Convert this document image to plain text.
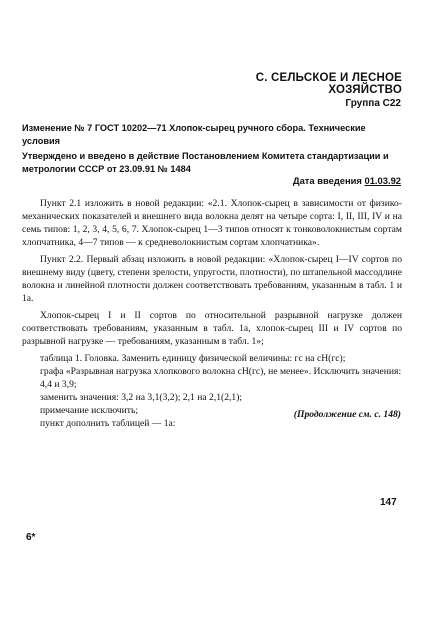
С. СЕЛЬСКОЕ И ЛЕСНОЕ ХОЗЯЙСТВО
Группа С22
Изменение № 7 ГОСТ 10202—71 Хлопок-сырец ручного сбора. Технические условия
Утверждено и введено в действие Постановлением Комитета стандартизации и метрологии СССР от 23.09.91 № 1484
Дата введения 01.03.92

Пункт 2.1 изложить в новой редакции: «2.1. Хлопок-сырец в зависимости от физико-механических показателей и внешнего вида волокна делят на четыре сорта: I, II, III, IV и на семь типов: 1, 2, 3, 4, 5, 6, 7. Хлопок-сырец 1—3 типов относят к тонковолокнистым сортам хлопчатника, 4—7 типов — к средневолокнистым сортам хлопчатника».

Пункт 2.2. Первый абзац изложить в новой редакции: «Хлопок-сырец I—IV сортов по внешнему виду (цвету, степени зрелости, упругости, плотности), по штапельной массодлине волокна и линейной плотности должен соответствовать требованиям, указанным в табл. 1 и 1а.

Хлопок-сырец I и II сортов по относительной разрывной нагрузке должен соответствовать требованиям, указанным в табл. 1а, хлопок-сырец III и IV сортов по разрывной нагрузке — требованиям, указанным в табл. 1»;

таблица 1. Головка. Заменить единицу физической величины: гс на сН(гс);
графа «Разрывная нагрузка хлопкового волокна сН(гс), не менее». Исключить значения: 4,4 и 3,9;
заменить значения: 3,2 на 3,1(3,2); 2,1 на 2,1(2,1);
примечание исключить;
пункт дополнить таблицей — 1а:
(Продолжение см. с. 148)
147
6*
